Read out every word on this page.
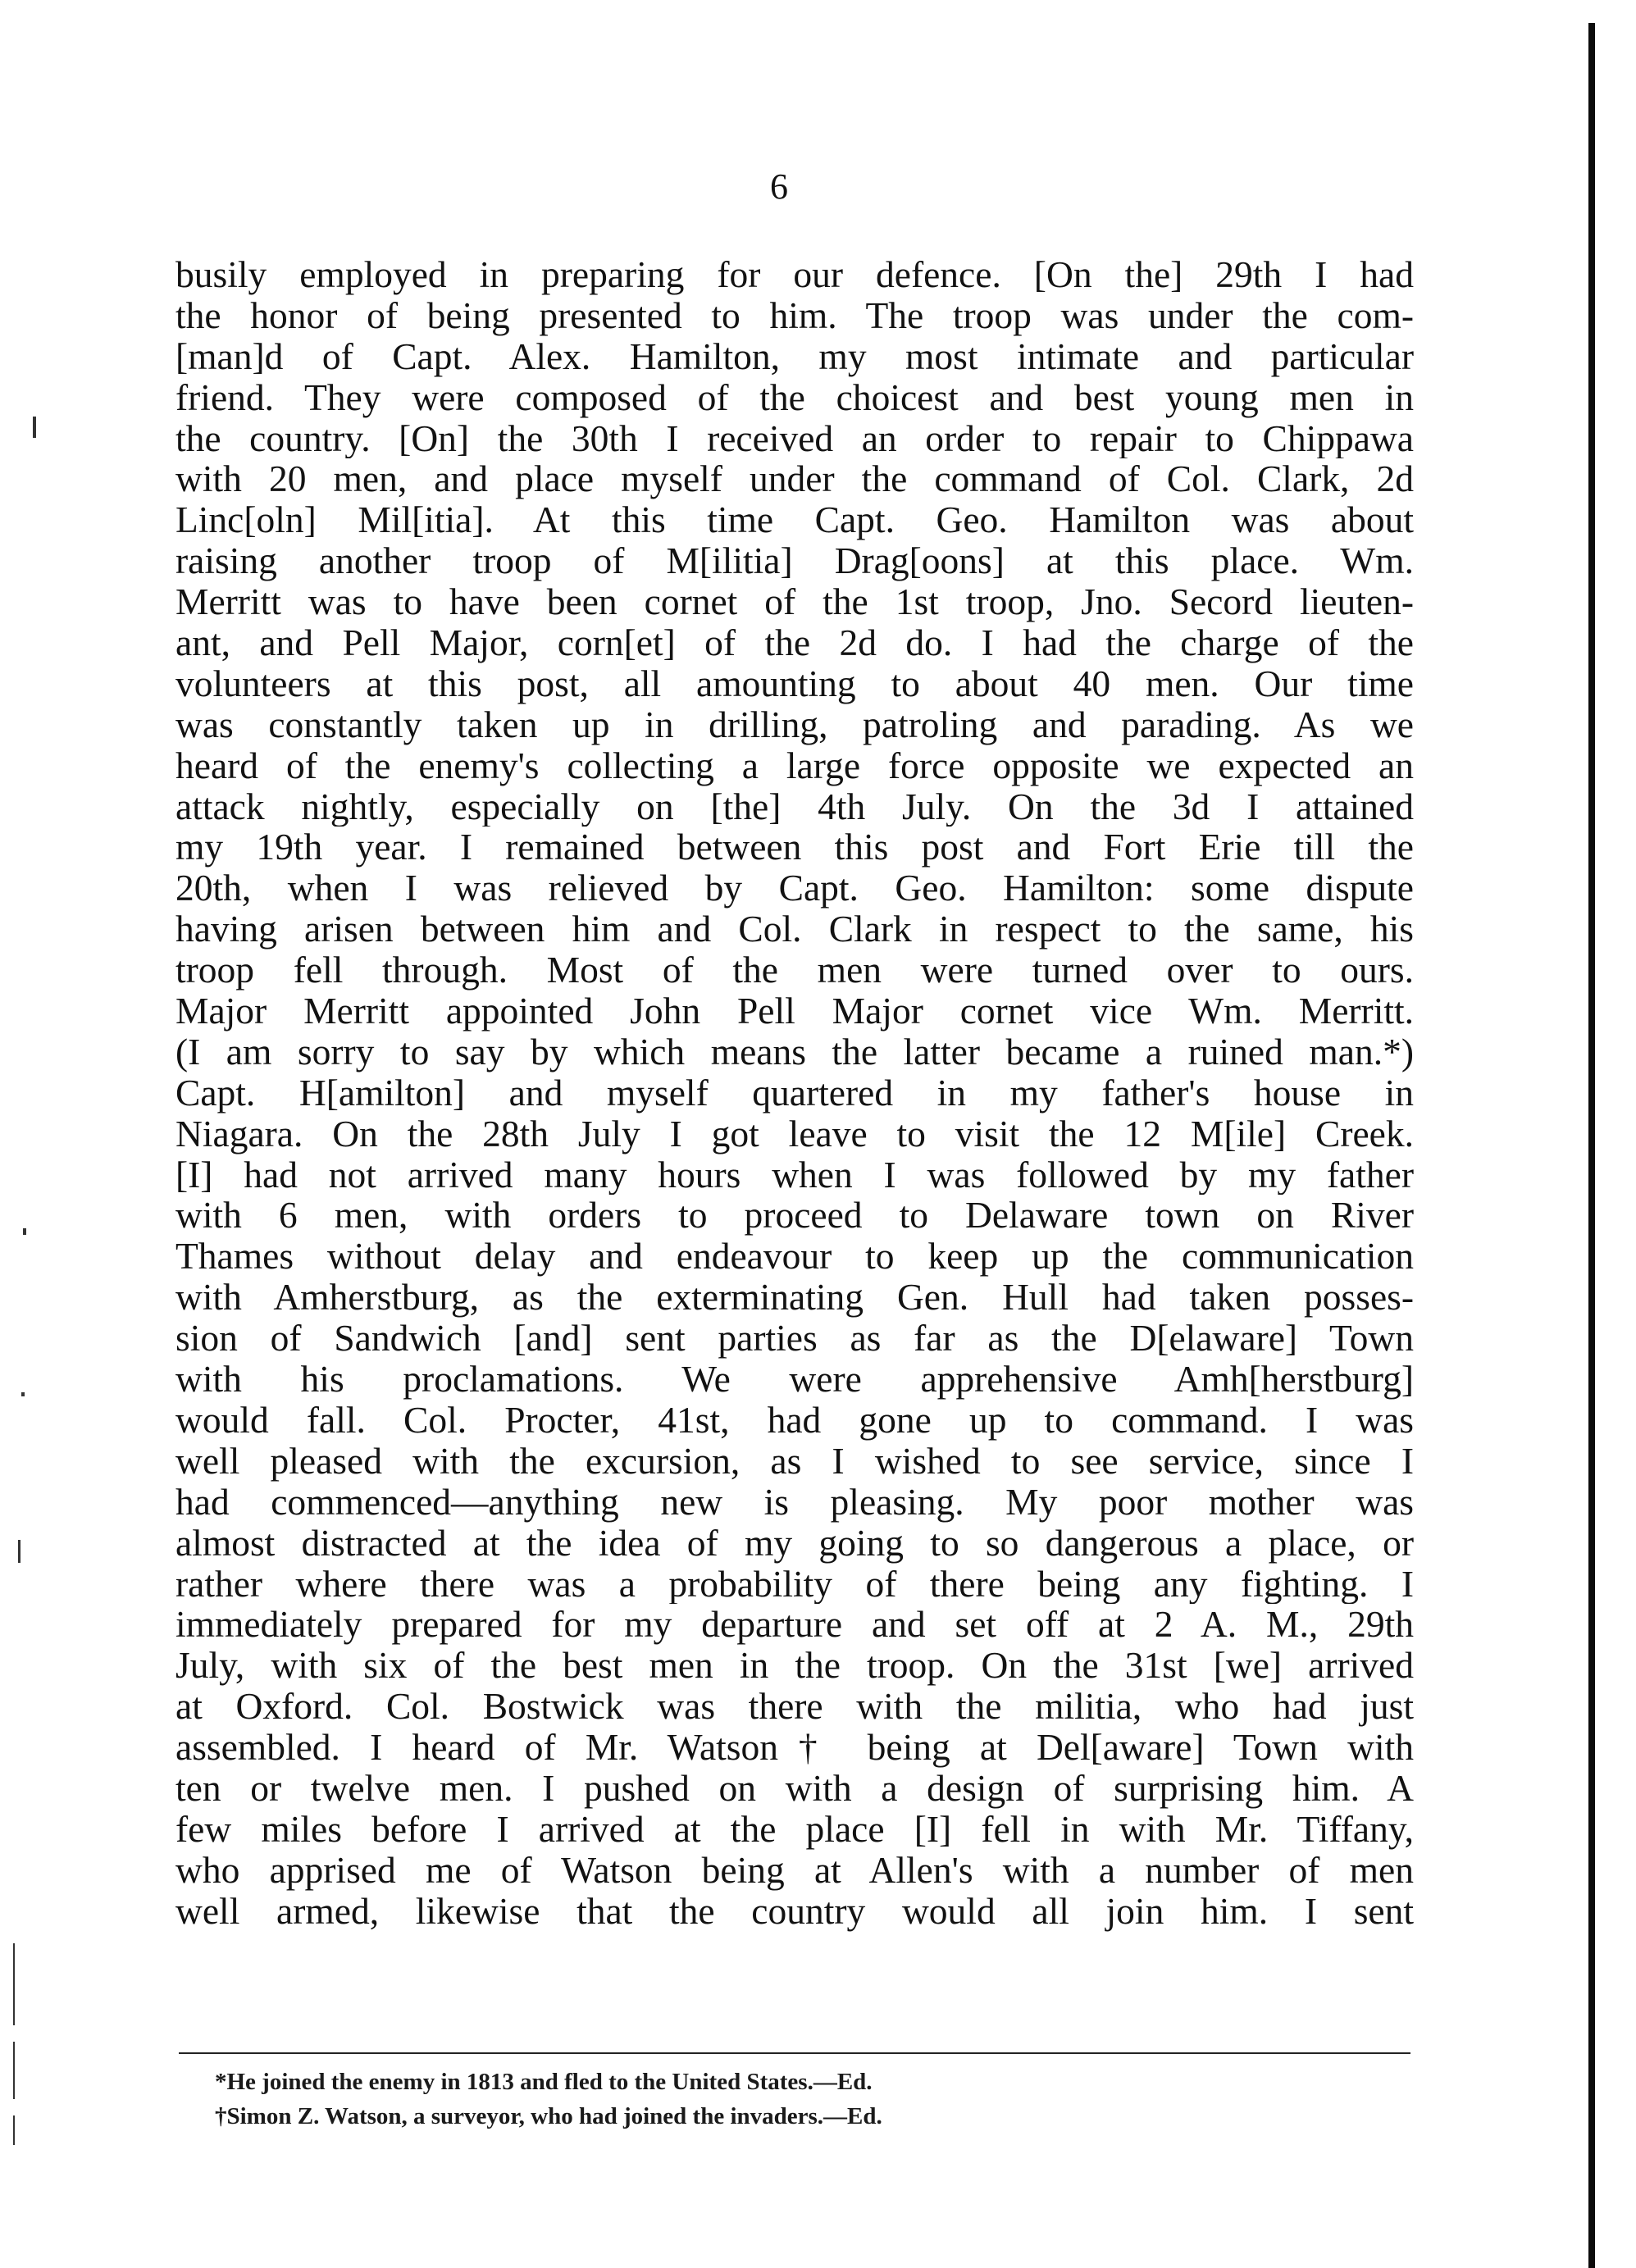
6
busily employed in preparing for our defence. [On the] 29th I had
the honor of being presented to him. The troop was under the com-
[man]d of Capt. Alex. Hamilton, my most intimate and particular
friend. They were composed of the choicest and best young men in
the country. [On] the 30th I received an order to repair to Chippawa
with 20 men, and place myself under the command of Col. Clark, 2d
Linc[oln] Mil[itia]. At this time Capt. Geo. Hamilton was about
raising another troop of M[ilitia] Drag[oons] at this place. Wm.
Merritt was to have been cornet of the 1st troop, Jno. Secord lieuten-
ant, and Pell Major, corn[et] of the 2d do. I had the charge of the
volunteers at this post, all amounting to about 40 men. Our time
was constantly taken up in drilling, patroling and parading. As we
heard of the enemy's collecting a large force opposite we expected an
attack nightly, especially on [the] 4th July. On the 3d I attained
my 19th year. I remained between this post and Fort Erie till the
20th, when I was relieved by Capt. Geo. Hamilton: some dispute
having arisen between him and Col. Clark in respect to the same, his
troop fell through. Most of the men were turned over to ours.
Major Merritt appointed John Pell Major cornet vice Wm. Merritt.
(I am sorry to say by which means the latter became a ruined man.*)
Capt. H[amilton] and myself quartered in my father's house in
Niagara. On the 28th July I got leave to visit the 12 M[ile] Creek.
[I] had not arrived many hours when I was followed by my father
with 6 men, with orders to proceed to Delaware town on River
Thames without delay and endeavour to keep up the communication
with Amherstburg, as the exterminating Gen. Hull had taken posses-
sion of Sandwich [and] sent parties as far as the D[elaware] Town
with his proclamations. We were apprehensive Amh[herstburg]
would fall. Col. Procter, 41st, had gone up to command. I was
well pleased with the excursion, as I wished to see service, since I
had commenced—anything new is pleasing. My poor mother was
almost distracted at the idea of my going to so dangerous a place, or
rather where there was a probability of there being any fighting. I
immediately prepared for my departure and set off at 2 A. M., 29th
July, with six of the best men in the troop. On the 31st [we] arrived
at Oxford. Col. Bostwick was there with the militia, who had just
assembled. I heard of Mr. Watson† being at Del[aware] Town with
ten or twelve men. I pushed on with a design of surprising him. A
few miles before I arrived at the place [I] fell in with Mr. Tiffany,
who apprised me of Watson being at Allen's with a number of men
well armed, likewise that the country would all join him. I sent
*He joined the enemy in 1813 and fled to the United States.—Ed.
†Simon Z. Watson, a surveyor, who had joined the invaders.—Ed.
